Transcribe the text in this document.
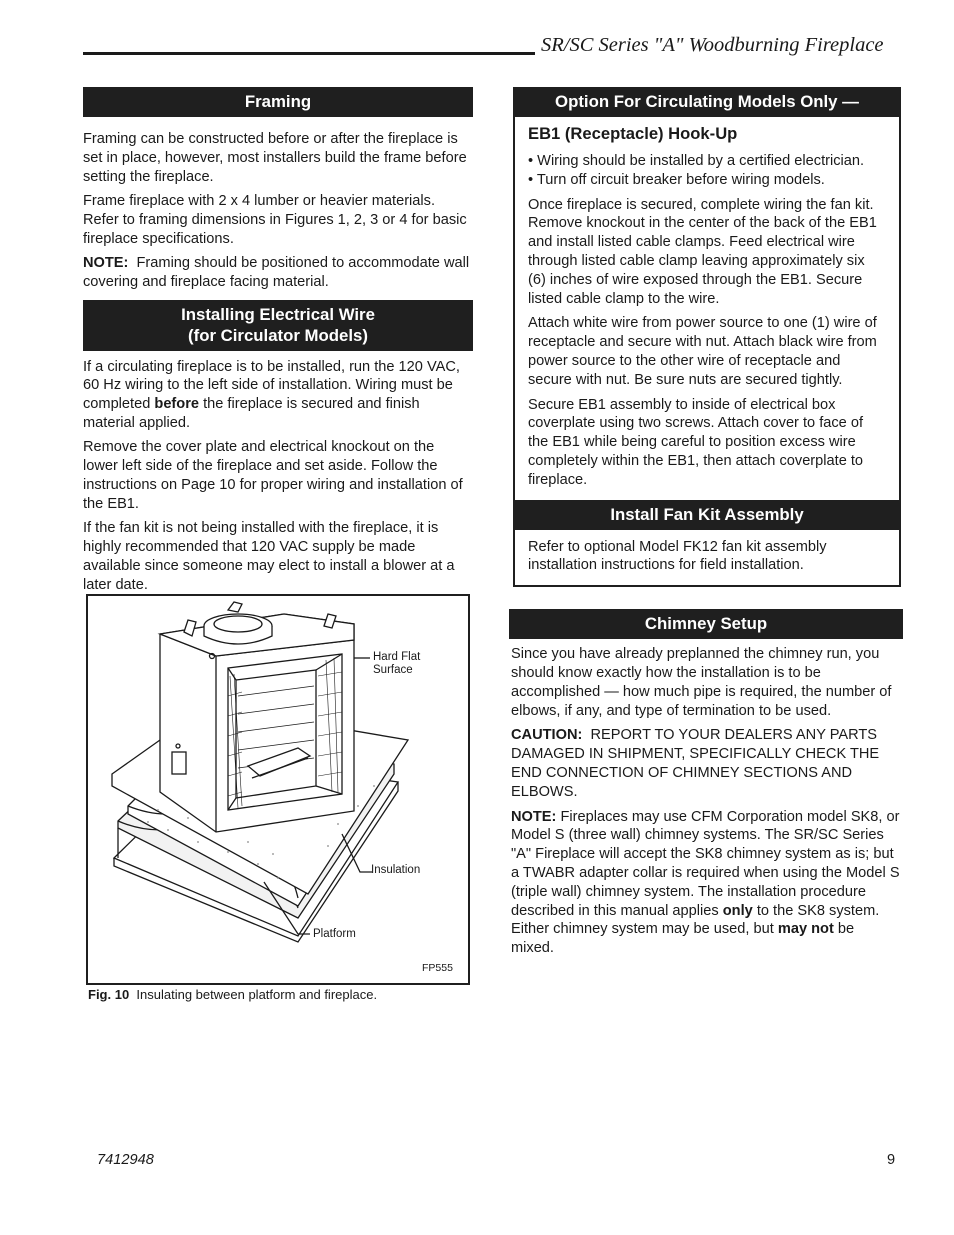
SR/SC Series "A" Woodburning Fireplace
Framing

Framing can be constructed before or after the fireplace is set in place, however, most installers build the frame before setting the fireplace.

Frame fireplace with 2 x 4 lumber or heavier materials. Refer to framing dimensions in Figures 1, 2, 3 or 4 for basic fireplace specifications.

NOTE: Framing should be positioned to accommodate wall covering and fireplace facing material.

Installing Electrical Wire
(for Circulator Models)

If a circulating fireplace is to be installed, run the 120 VAC, 60 Hz wiring to the left side of installation. Wiring must be completed before the fireplace is secured and finish material applied.

Remove the cover plate and electrical knockout on the lower left side of the fireplace and set aside. Follow the instructions on Page 10 for proper wiring and installation of the EB1.

If the fan kit is not being installed with the fireplace, it is highly recommended that 120 VAC supply be made available since someone may elect to install a blower at a later date.

Hard Flat
Surface
Insulation
Platform
FP555
Fig. 10 Insulating between platform and fireplace.
Option For Circulating Models Only —
EB1 (Receptacle) Hook-Up
• Wiring should be installed by a certified electrician.
• Turn off circuit breaker before wiring models.

Once fireplace is secured, complete wiring the fan kit. Remove knockout in the center of the back of the EB1 and install listed cable clamps. Feed electrical wire through listed cable clamp leaving approximately six (6) inches of wire exposed through the EB1. Secure listed cable clamp to the wire.

Attach white wire from power source to one (1) wire of receptacle and secure with nut. Attach black wire from power source to the other wire of receptacle and secure with nut. Be sure nuts are secured tightly.

Secure EB1 assembly to inside of electrical box coverplate using two screws. Attach cover to face of the EB1 while being careful to position excess wire completely within the EB1, then attach coverplate to fireplace.

Install Fan Kit Assembly

Refer to optional Model FK12 fan kit assembly installation instructions for field installation.

Chimney Setup

Since you have already preplanned the chimney run, you should know exactly how the installation is to be accomplished — how much pipe is required, the number of elbows, if any, and type of termination to be used.

CAUTION: REPORT TO YOUR DEALERS ANY PARTS DAMAGED IN SHIPMENT, SPECIFICALLY CHECK THE END CONNECTION OF CHIMNEY SECTIONS AND ELBOWS.

NOTE: Fireplaces may use CFM Corporation model SK8, or Model S (three wall) chimney systems. The SR/SC Series "A" Fireplace will accept the SK8 chimney system as is; but a TWABR adapter collar is required when using the Model S (triple wall) chimney system. The installation procedure described in this manual applies only to the SK8 system. Either chimney system may be used, but may not be mixed.

7412948	9
